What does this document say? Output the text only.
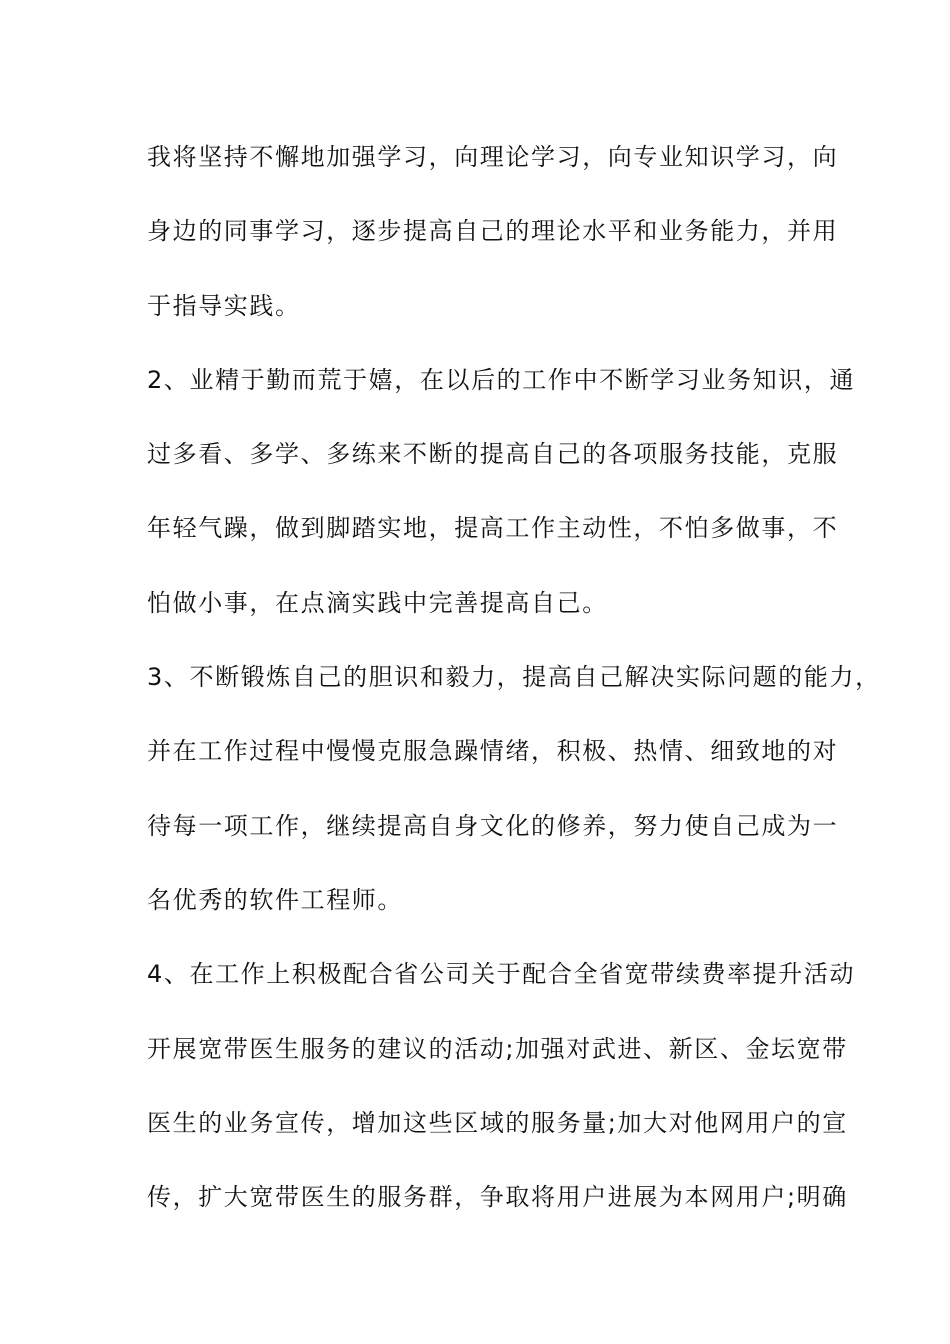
我将坚持不懈地加强学习，向理论学习，向专业知识学习，向
身边的同事学习，逐步提高自己的理论水平和业务能力，并用
于指导实践。
2、业精于勤而荒于嬉，在以后的工作中不断学习业务知识，通
过多看、多学、多练来不断的提高自己的各项服务技能，克服
年轻气躁，做到脚踏实地，提高工作主动性，不怕多做事，不
怕做小事，在点滴实践中完善提高自己。
3、不断锻炼自己的胆识和毅力，提高自己解决实际问题的能力，
并在工作过程中慢慢克服急躁情绪，积极、热情、细致地的对
待每一项工作，继续提高自身文化的修养，努力使自己成为一
名优秀的软件工程师。
4、在工作上积极配合省公司关于配合全省宽带续费率提升活动
开展宽带医生服务的建议的活动;加强对武进、新区、金坛宽带
医生的业务宣传，增加这些区域的服务量;加大对他网用户的宣
传，扩大宽带医生的服务群，争取将用户进展为本网用户;明确
